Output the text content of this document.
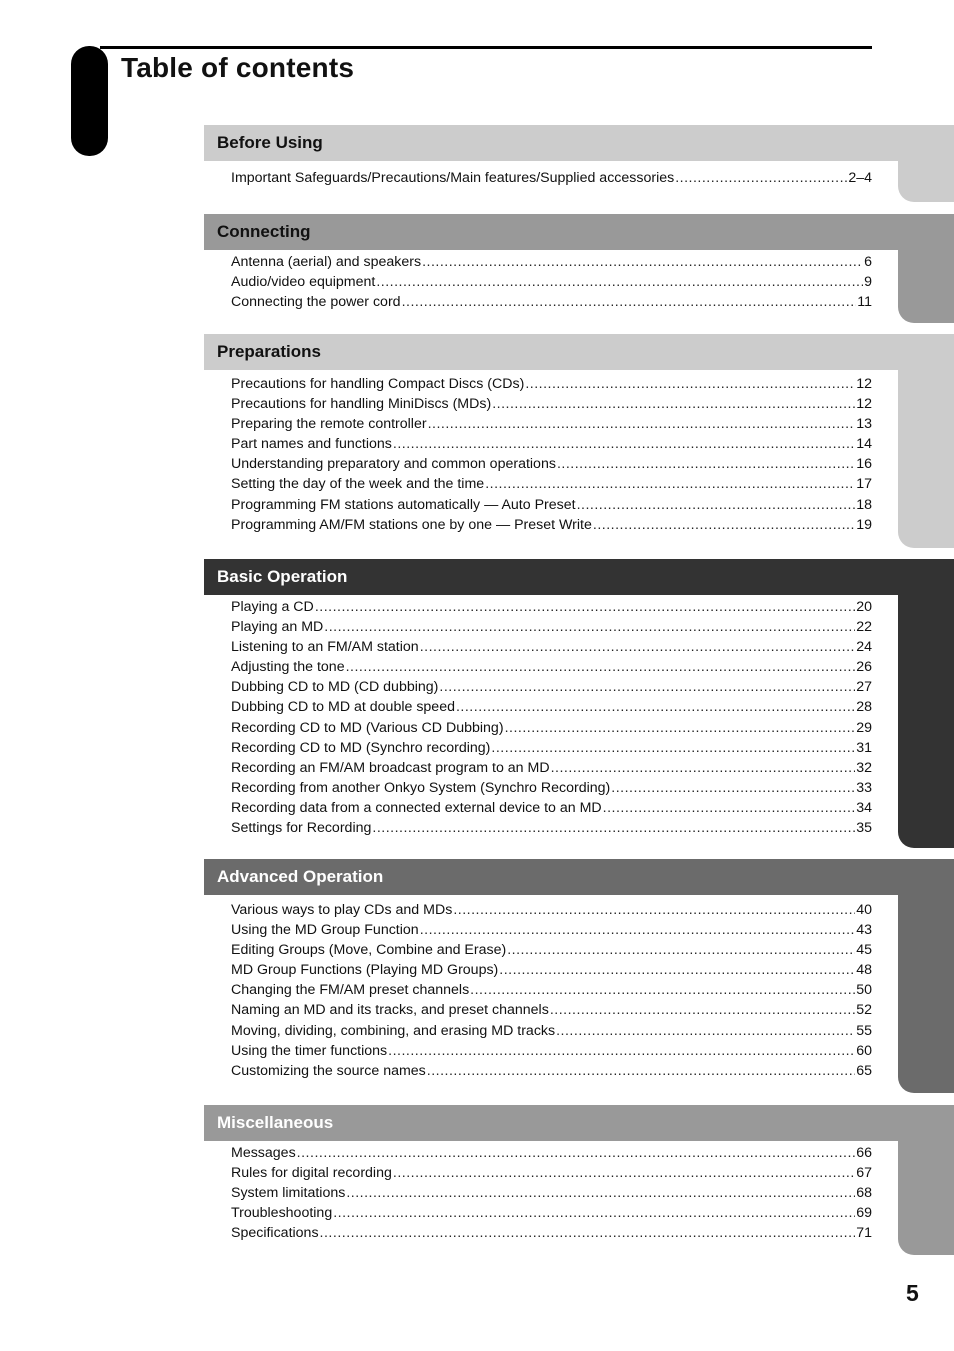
Table of contents
Before Using
Important Safeguards/Precautions/Main features/Supplied accessories .....	2–4
Connecting
Antenna (aerial) and speakers .....	6
Audio/video equipment .....	9
Connecting the power cord .....	11
Preparations
Precautions for handling Compact Discs (CDs) .....	12
Precautions for handling MiniDiscs (MDs) .....	12
Preparing the remote controller .....	13
Part names and functions .....	14
Understanding preparatory and common operations .....	16
Setting the day of the week and the time .....	17
Programming FM stations automatically — Auto Preset .....	18
Programming AM/FM stations one by one — Preset Write .....	19
Basic Operation
Playing a CD .....	20
Playing an MD .....	22
Listening to an FM/AM station .....	24
Adjusting the tone .....	26
Dubbing CD to MD (CD dubbing) .....	27
Dubbing CD to MD at double speed .....	28
Recording CD to MD (Various CD Dubbing) .....	29
Recording CD to MD (Synchro recording) .....	31
Recording an FM/AM broadcast program to an MD .....	32
Recording from another Onkyo System (Synchro Recording) .....	33
Recording data from a connected external device to an MD .....	34
Settings for Recording .....	35
Advanced Operation
Various ways to play CDs and MDs .....	40
Using the MD Group Function .....	43
Editing Groups (Move, Combine and Erase) .....	45
MD Group Functions (Playing MD Groups) .....	48
Changing the FM/AM preset channels .....	50
Naming an MD and its tracks, and preset channels .....	52
Moving, dividing, combining, and erasing MD tracks .....	55
Using the timer functions .....	60
Customizing the source names .....	65
Miscellaneous
Messages .....	66
Rules for digital recording .....	67
System limitations .....	68
Troubleshooting .....	69
Specifications .....	71
5
